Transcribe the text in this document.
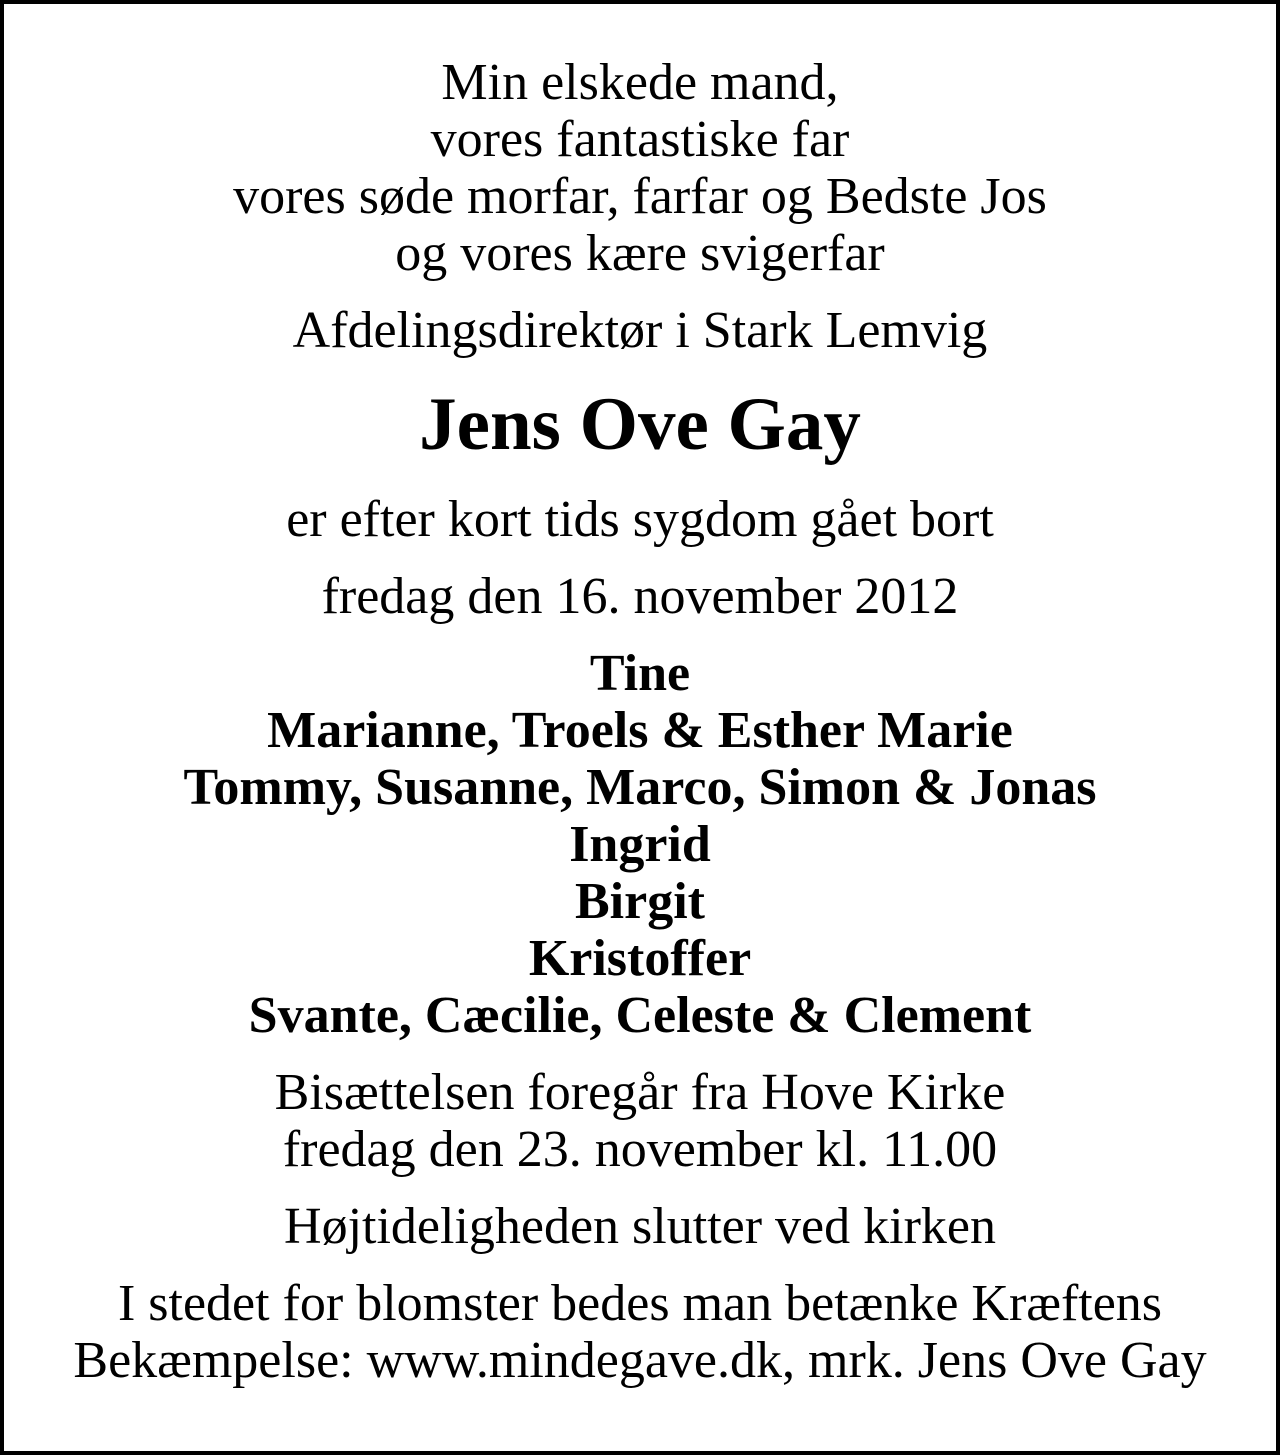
Min elskede mand,
vores fantastiske far
vores søde morfar, farfar og Bedste Jos
og vores kære svigerfar
Afdelingsdirektør i Stark Lemvig
Jens Ove Gay
er efter kort tids sygdom gået bort
fredag den 16. november 2012
Tine
Marianne, Troels & Esther Marie
Tommy, Susanne, Marco, Simon & Jonas
Ingrid
Birgit
Kristoffer
Svante, Cæcilie, Celeste & Clement
Bisættelsen foregår fra Hove Kirke
fredag den 23. november kl. 11.00
Højtideligheden slutter ved kirken
I stedet for blomster bedes man betænke Kræftens
Bekæmpelse: www.mindegave.dk, mrk. Jens Ove Gay
